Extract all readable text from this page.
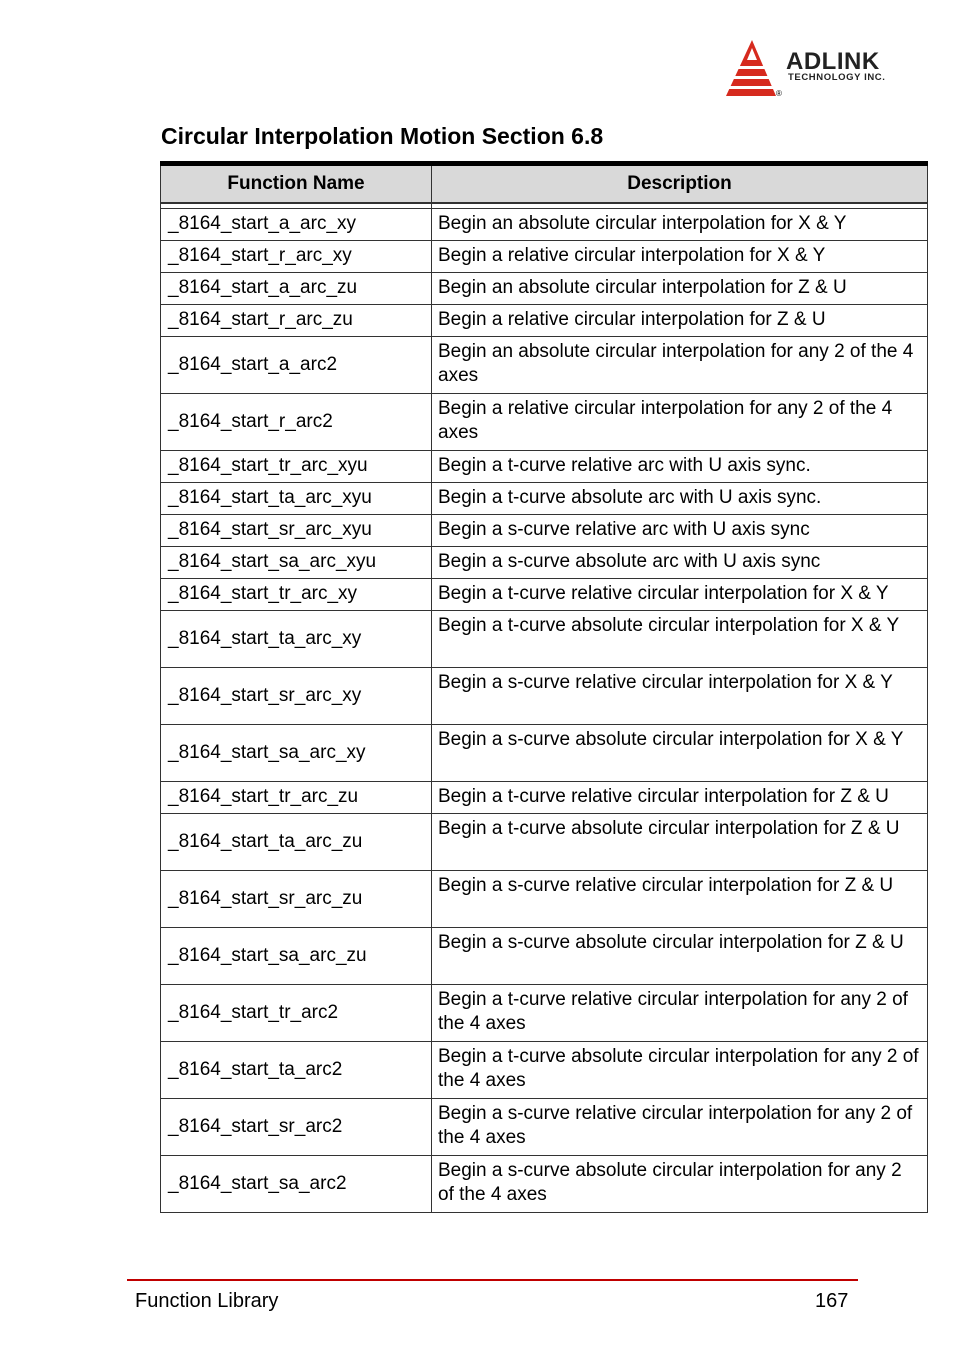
ADLINK
TECHNOLOGY INC.
®
Circular Interpolation Motion Section 6.8
Function Name	Description

_8164_start_a_arc_xy	Begin an absolute circular interpolation for X & Y
_8164_start_r_arc_xy	Begin a relative circular interpolation for X & Y
_8164_start_a_arc_zu	Begin an absolute circular interpolation for Z & U
_8164_start_r_arc_zu	Begin a relative circular interpolation for Z & U
_8164_start_a_arc2	Begin an absolute circular interpolation for any 2 of the 4 axes
_8164_start_r_arc2	Begin a relative circular interpolation for any 2 of the 4 axes
_8164_start_tr_arc_xyu	Begin a t-curve relative arc with U axis sync.
_8164_start_ta_arc_xyu	Begin a t-curve absolute arc with U axis sync.
_8164_start_sr_arc_xyu	Begin a s-curve relative arc with U axis sync
_8164_start_sa_arc_xyu	Begin a s-curve absolute arc with U axis sync
_8164_start_tr_arc_xy	Begin a t-curve relative circular interpolation for X & Y
_8164_start_ta_arc_xy	Begin a t-curve absolute circular interpolation for X & Y
_8164_start_sr_arc_xy	Begin a s-curve relative circular interpolation for X & Y
_8164_start_sa_arc_xy	Begin a s-curve absolute circular interpolation for X & Y
_8164_start_tr_arc_zu	Begin a t-curve relative circular interpolation for Z & U
_8164_start_ta_arc_zu	Begin a t-curve absolute circular interpolation for Z & U
_8164_start_sr_arc_zu	Begin a s-curve relative circular interpolation for Z & U
_8164_start_sa_arc_zu	Begin a s-curve absolute circular interpolation for Z & U
_8164_start_tr_arc2	Begin a t-curve relative circular interpolation for any 2 of the 4 axes
_8164_start_ta_arc2	Begin a t-curve absolute circular interpolation for any 2 of the 4 axes
_8164_start_sr_arc2	Begin a s-curve relative circular interpolation for any 2 of the 4 axes
_8164_start_sa_arc2	Begin a s-curve absolute circular interpolation for any 2 of the 4 axes
Function Library	167
